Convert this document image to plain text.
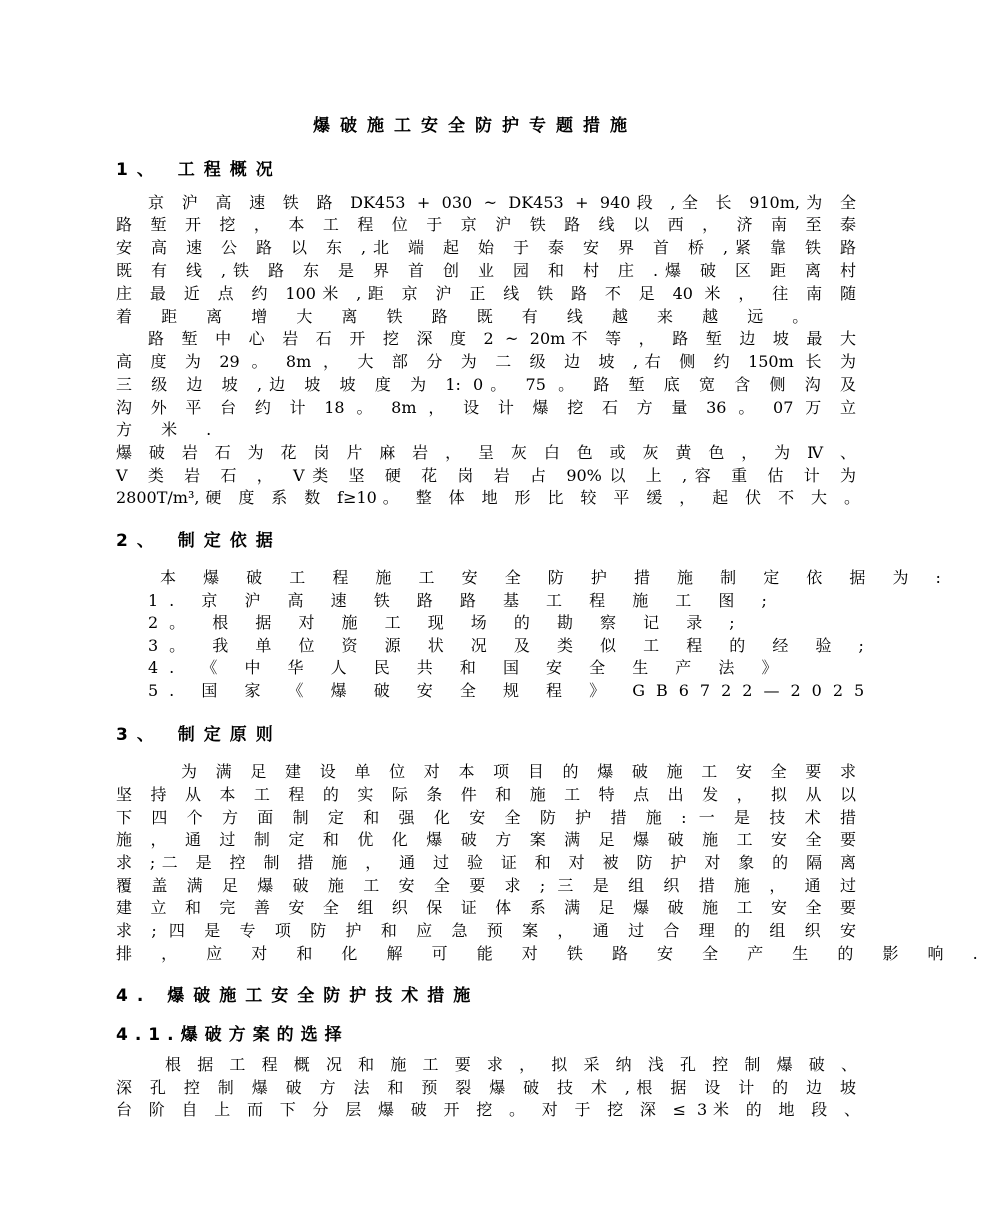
爆破施工安全防护专题措施
1、 工程概况
京 沪 高 速 铁 路 DK453 + 030 ~ DK453 + 940段 ,全 长 910m,为 全
路 堑 开 挖 ， 本 工 程 位 于 京 沪 铁 路 线 以 西 ， 济 南 至 泰
安 高 速 公 路 以 东 ,北 端 起 始 于 泰 安 界 首 桥 ,紧 靠 铁 路
既 有 线 ,铁 路 东 是 界 首 创 业 园 和 村 庄 .爆 破 区 距 离 村
庄 最 近 点 约 100米 ,距 京 沪 正 线 铁 路 不 足 40 米 ， 往 南 随
着 距 离 增 大 离 铁 路 既 有 线 越 来 越 远 。
路 堑 中 心 岩 石 开 挖 深 度 2 ~ 20m不 等 ， 路 堑 边 坡 最 大
高 度 为 29 。 8m ， 大 部 分 为 二 级 边 坡 ,右 侧 约 150m 长 为
三 级 边 坡 ,边 坡 坡 度 为 1: 0。 75 。 路 堑 底 宽 含 侧 沟 及
沟 外 平 台 约 计 18 。 8m ， 设 计 爆 挖 石 方 量 36 。 07 万 立
方 米 .
爆 破 岩 石 为 花 岗 片 麻 岩 ， 呈 灰 白 色 或 灰 黄 色 ， 为 Ⅳ 、
Ⅴ 类 岩 石 ， Ⅴ类 坚 硬 花 岗 岩 占 90%以 上 ,容 重 估 计 为
2800T/m³,硬 度 系 数 f≥10。 整 体 地 形 比 较 平 缓 ， 起 伏 不 大 。
2、 制定依据
本 爆 破 工 程 施 工 安 全 防 护 措 施 制 定 依 据 为 :
1. 京 沪 高 速 铁 路 路 基 工 程 施 工 图 ;
2。 根 据 对 施 工 现 场 的 勘 察 记 录 ;
3。 我 单 位 资 源 状 况 及 类 似 工 程 的 经 验 ;
4. 《 中 华 人 民 共 和 国 安 全 生 产 法 》
5. 国 家 《 爆 破 安 全 规 程 》 GB6722—2025
3、 制定原则
为 满 足 建 设 单 位 对 本 项 目 的 爆 破 施 工 安 全 要 求
坚 持 从 本 工 程 的 实 际 条 件 和 施 工 特 点 出 发 ， 拟 从 以
下 四 个 方 面 制 定 和 强 化 安 全 防 护 措 施 : 一 是 技 术 措
施 ， 通 过 制 定 和 优 化 爆 破 方 案 满 足 爆 破 施 工 安 全 要
求 ;二 是 控 制 措 施 ， 通 过 验 证 和 对 被 防 护 对 象 的 隔 离
覆 盖 满 足 爆 破 施 工 安 全 要 求 ; 三 是 组 织 措 施 ， 通 过
建 立 和 完 善 安 全 组 织 保 证 体 系 满 足 爆 破 施 工 安 全 要
求 ; 四 是 专 项 防 护 和 应 急 预 案 ， 通 过 合 理 的 组 织 安
排 ， 应 对 和 化 解 可 能 对 铁 路 安 全 产 生 的 影 响 .
4. 爆破施工安全防护技术措施
4.1.爆破方案的选择
根 据 工 程 概 况 和 施 工 要 求 ， 拟 采 纳 浅 孔 控 制 爆 破 、
深 孔 控 制 爆 破 方 法 和 预 裂 爆 破 技 术 ,根 据 设 计 的 边 坡
台 阶 自 上 而 下 分 层 爆 破 开 挖 。 对 于 挖 深 ≤ 3米 的 地 段 、
